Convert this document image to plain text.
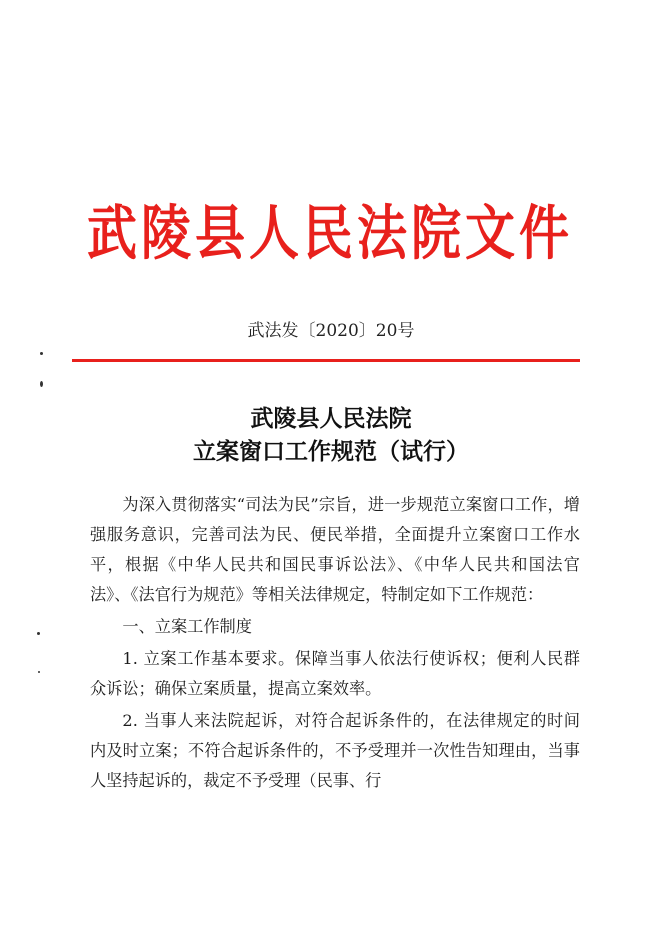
武陵县人民法院文件
武法发〔2020〕20号
武陵县人民法院
立案窗口工作规范（试行）

为深入贯彻落实“司法为民”宗旨，进一步规范立案窗口工作，增强服务意识，完善司法为民、便民举措，全面提升立案窗口工作水平，根据《中华人民共和国民事诉讼法》、《中华人民共和国法官法》、《法官行为规范》等相关法律规定，特制定如下工作规范：

一、立案工作制度

1. 立案工作基本要求。保障当事人依法行使诉权；便利人民群众诉讼；确保立案质量，提高立案效率。

2. 当事人来法院起诉，对符合起诉条件的，在法律规定的时间内及时立案；不符合起诉条件的，不予受理并一次性告知理由，当事人坚持起诉的，裁定不予受理（民事、行
